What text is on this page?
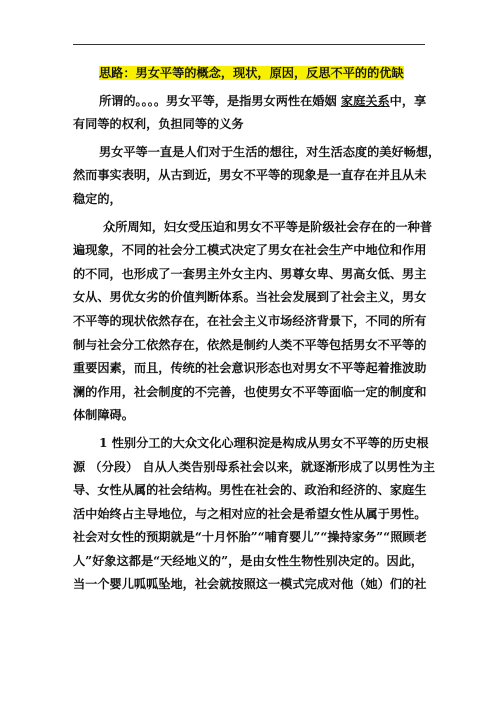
思路：男女平等的概念，现状，原因，反思不平的的优缺
所谓的。。。。男女平等，是指男女两性在婚姻 家庭关系中，享
有同等的权利，负担同等的义务
男女平等一直是人们对于生活的想往，对生活态度的美好畅想，
然而事实表明，从古到近，男女不平等的现象是一直存在并且从未
稳定的，
众所周知，妇女受压迫和男女不平等是阶级社会存在的一种普
遍现象，不同的社会分工模式决定了男女在社会生产中地位和作用
的不同，也形成了一套男主外女主内、男尊女卑、男高女低、男主
女从、男优女劣的价值判断体系。当社会发展到了社会主义，男女
不平等的现状依然存在，在社会主义市场经济背景下，不同的所有
制与社会分工依然存在，依然是制约人类不平等包括男女不平等的
重要因素，而且，传统的社会意识形态也对男女不平等起着推波助
澜的作用，社会制度的不完善，也使男女不平等面临一定的制度和
体制障碍。
1 性别分工的大众文化心理积淀是构成从男女不平等的历史根
源 （分段） 自从人类告别母系社会以来，就逐渐形成了以男性为主
导、女性从属的社会结构。男性在社会的、政治和经济的、家庭生
活中始终占主导地位，与之相对应的社会是希望女性从属于男性。
社会对女性的预期就是“十月怀胎”“哺育婴儿”“操持家务”“照顾老
人”好象这都是“天经地义的”，是由女性生物性别决定的。因此，
当一个婴儿呱呱坠地，社会就按照这一模式完成对他（她）们的社
